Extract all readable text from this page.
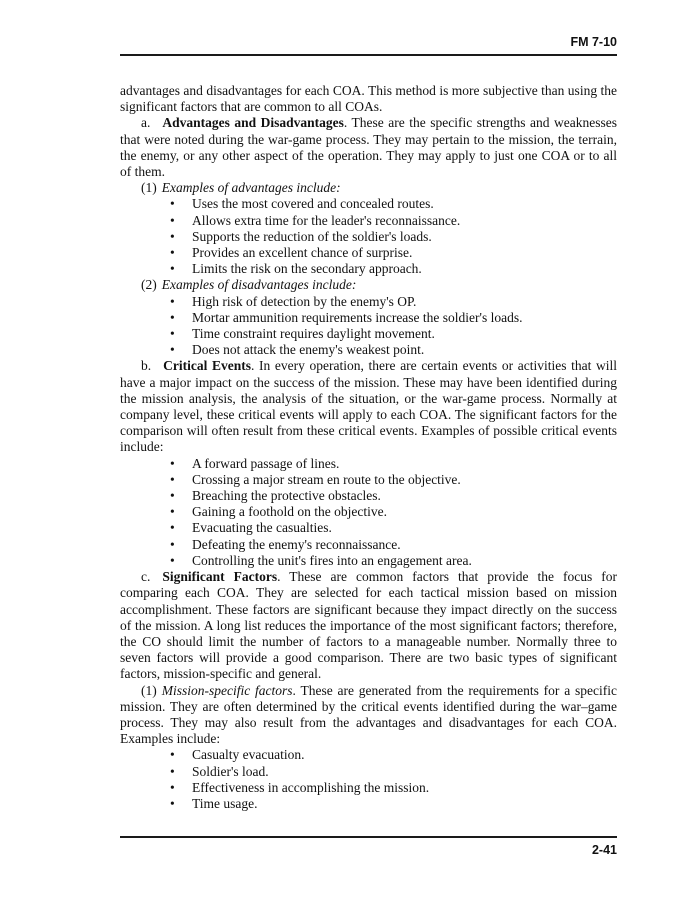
FM 7-10

advantages and disadvantages for each COA. This method is more subjective than using the significant factors that are common to all COAs.

a. Advantages and Disadvantages. These are the specific strengths and weaknesses that were noted during the war-game process. They may pertain to the mission, the terrain, the enemy, or any other aspect of the operation. They may apply to just one COA or to all of them.

(1) Examples of advantages include:

• Uses the most covered and concealed routes.
• Allows extra time for the leader's reconnaissance.
• Supports the reduction of the soldier's loads.
• Provides an excellent chance of surprise.
• Limits the risk on the secondary approach.

(2) Examples of disadvantages include:

• High risk of detection by the enemy's OP.
• Mortar ammunition requirements increase the soldier's loads.
• Time constraint requires daylight movement.
• Does not attack the enemy's weakest point.

b. Critical Events. In every operation, there are certain events or activities that will have a major impact on the success of the mission. These may have been identified during the mission analysis, the analysis of the situation, or the war-game process. Normally at company level, these critical events will apply to each COA. The significant factors for the comparison will often result from these critical events. Examples of possible critical events include:

• A forward passage of lines.
• Crossing a major stream en route to the objective.
• Breaching the protective obstacles.
• Gaining a foothold on the objective.
• Evacuating the casualties.
• Defeating the enemy's reconnaissance.
• Controlling the unit's fires into an engagement area.

c. Significant Factors. These are common factors that provide the focus for comparing each COA. They are selected for each tactical mission based on mission accomplishment. These factors are significant because they impact directly on the success of the mission. A long list reduces the importance of the most significant factors; therefore, the CO should limit the number of factors to a manageable number. Normally three to seven factors will provide a good comparison. There are two basic types of significant factors, mission-specific and general.

(1) Mission-specific factors. These are generated from the requirements for a specific mission. They are often determined by the critical events identified during the war–game process. They may also result from the advantages and disadvantages for each COA. Examples include:

• Casualty evacuation.
• Soldier's load.
• Effectiveness in accomplishing the mission.
• Time usage.
2-41
